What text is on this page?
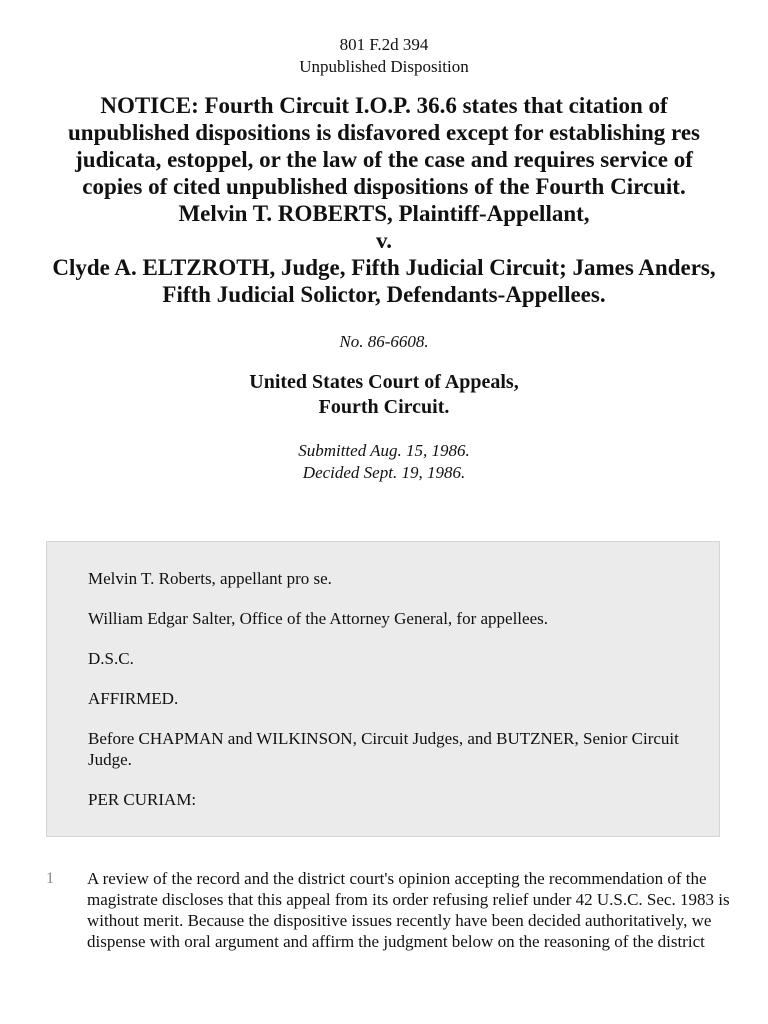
801 F.2d 394
Unpublished Disposition
NOTICE: Fourth Circuit I.O.P. 36.6 states that citation of unpublished dispositions is disfavored except for establishing res judicata, estoppel, or the law of the case and requires service of copies of cited unpublished dispositions of the Fourth Circuit.
Melvin T. ROBERTS, Plaintiff-Appellant,
v.
Clyde A. ELTZROTH, Judge, Fifth Judicial Circuit; James Anders, Fifth Judicial Solictor, Defendants-Appellees.
No. 86-6608.
United States Court of Appeals,
Fourth Circuit.
Submitted Aug. 15, 1986.
Decided Sept. 19, 1986.

Melvin T. Roberts, appellant pro se.

William Edgar Salter, Office of the Attorney General, for appellees.

D.S.C.

AFFIRMED.

Before CHAPMAN and WILKINSON, Circuit Judges, and BUTZNER, Senior Circuit Judge.

PER CURIAM:

1 A review of the record and the district court's opinion accepting the recommendation of the magistrate discloses that this appeal from its order refusing relief under 42 U.S.C. Sec. 1983 is without merit. Because the dispositive issues recently have been decided authoritatively, we dispense with oral argument and affirm the judgment below on the reasoning of the district
